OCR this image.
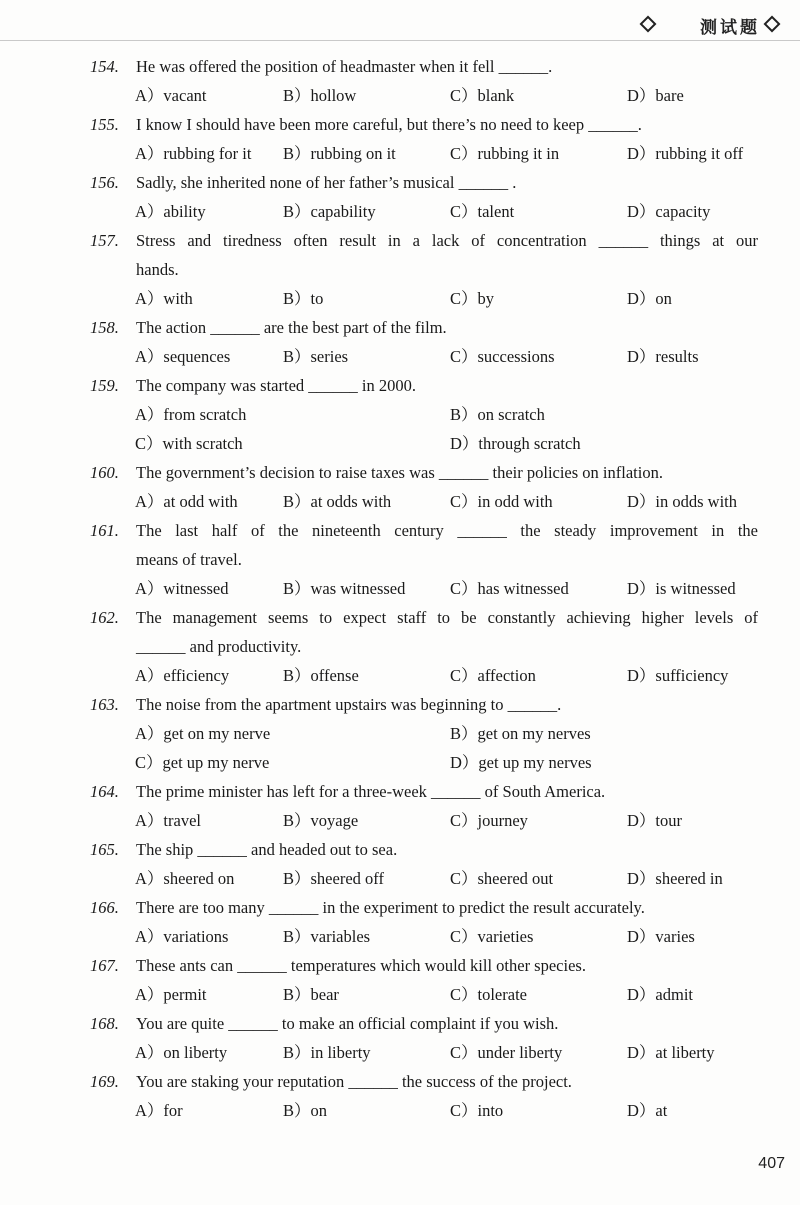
测试题
154. He was offered the position of headmaster when it fell ______.
A）vacant	B）hollow	C）blank	D）bare
155. I know I should have been more careful, but there’s no need to keep ______.
A）rubbing for it B）rubbing on it	C）rubbing it in	D）rubbing it off
156. Sadly, she inherited none of her father’s musical ______ .
A）ability	B）capability	C）talent	D）capacity
157. Stress and tiredness often result in a lack of concentration ______ things at our
hands.
A）with	B）to	C）by	D）on
158. The action ______ are the best part of the film.
A）sequences	B）series	C）successions	D）results
159. The company was started ______ in 2000.
A）from scratch	B）on scratch
C）with scratch	D）through scratch
160. The government’s decision to raise taxes was ______ their policies on inflation.
A）at odd with	B）at odds with	C）in odd with	D）in odds with
161. The last half of the nineteenth century ______ the steady improvement in the
means of travel.
A）witnessed	B）was witnessed	C）has witnessed	D）is witnessed
162. The management seems to expect staff to be constantly achieving higher levels of
______ and productivity.
A）efficiency	B）offense	C）affection	D）sufficiency
163. The noise from the apartment upstairs was beginning to ______.
A）get on my nerve	B）get on my nerves
C）get up my nerve	D）get up my nerves
164. The prime minister has left for a three-week ______ of South America.
A）travel	B）voyage	C）journey	D）tour
165. The ship ______ and headed out to sea.
A）sheered on	B）sheered off	C）sheered out	D）sheered in
166. There are too many ______ in the experiment to predict the result accurately.
A）variations	B）variables	C）varieties	D）varies
167. These ants can ______ temperatures which would kill other species.
A）permit	B）bear	C）tolerate	D）admit
168. You are quite ______ to make an official complaint if you wish.
A）on liberty	B）in liberty	C）under liberty	D）at liberty
169. You are staking your reputation ______ the success of the project.
A）for	B）on	C）into	D）at
407
